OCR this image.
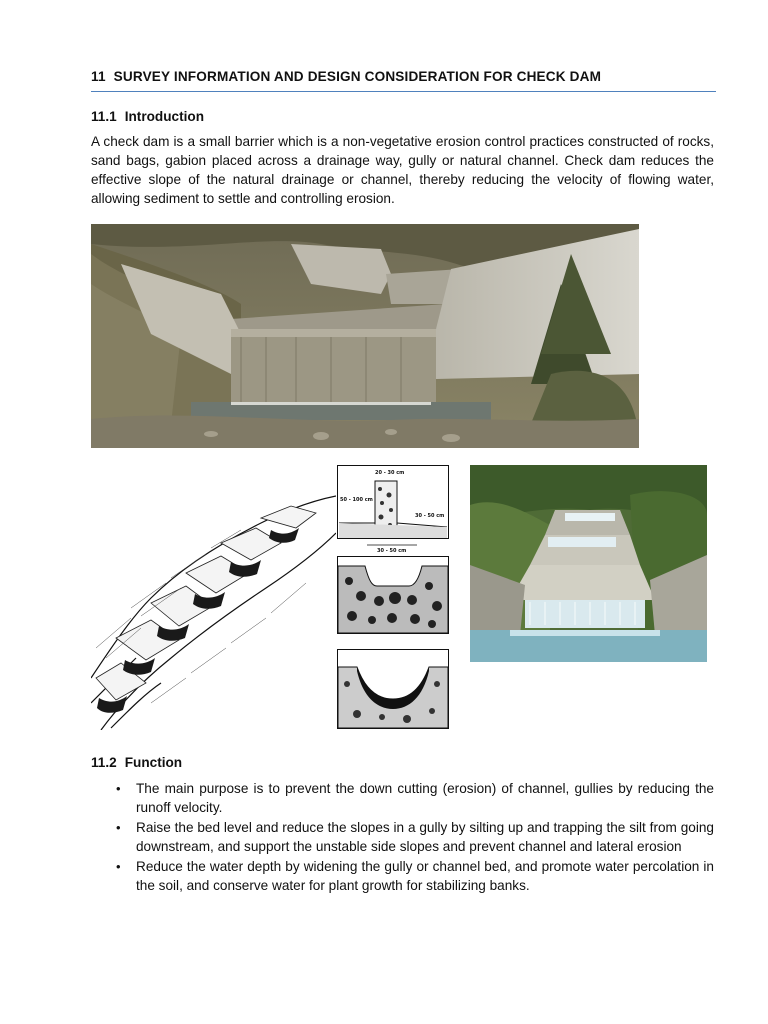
11 SURVEY INFORMATION AND DESIGN CONSIDERATION FOR CHECK DAM
11.1 Introduction

A check dam is a small barrier which is a non-vegetative erosion control practices constructed of rocks, sand bags, gabion placed across a drainage way, gully or natural channel. Check dam reduces the effective slope of the natural drainage or channel, thereby reducing the velocity of flowing water, allowing sediment to settle and controlling erosion.

20 - 30 cm
50 - 100 cm
30 - 50 cm
30 - 50 cm
11.2 Function
• The main purpose is to prevent the down cutting (erosion) of channel, gullies by reducing the runoff velocity.
• Raise the bed level and reduce the slopes in a gully by silting up and trapping the silt from going downstream, and support the unstable side slopes and prevent channel and lateral erosion
• Reduce the water depth by widening the gully or channel bed, and promote water percolation in the soil, and conserve water for plant growth for stabilizing banks.
